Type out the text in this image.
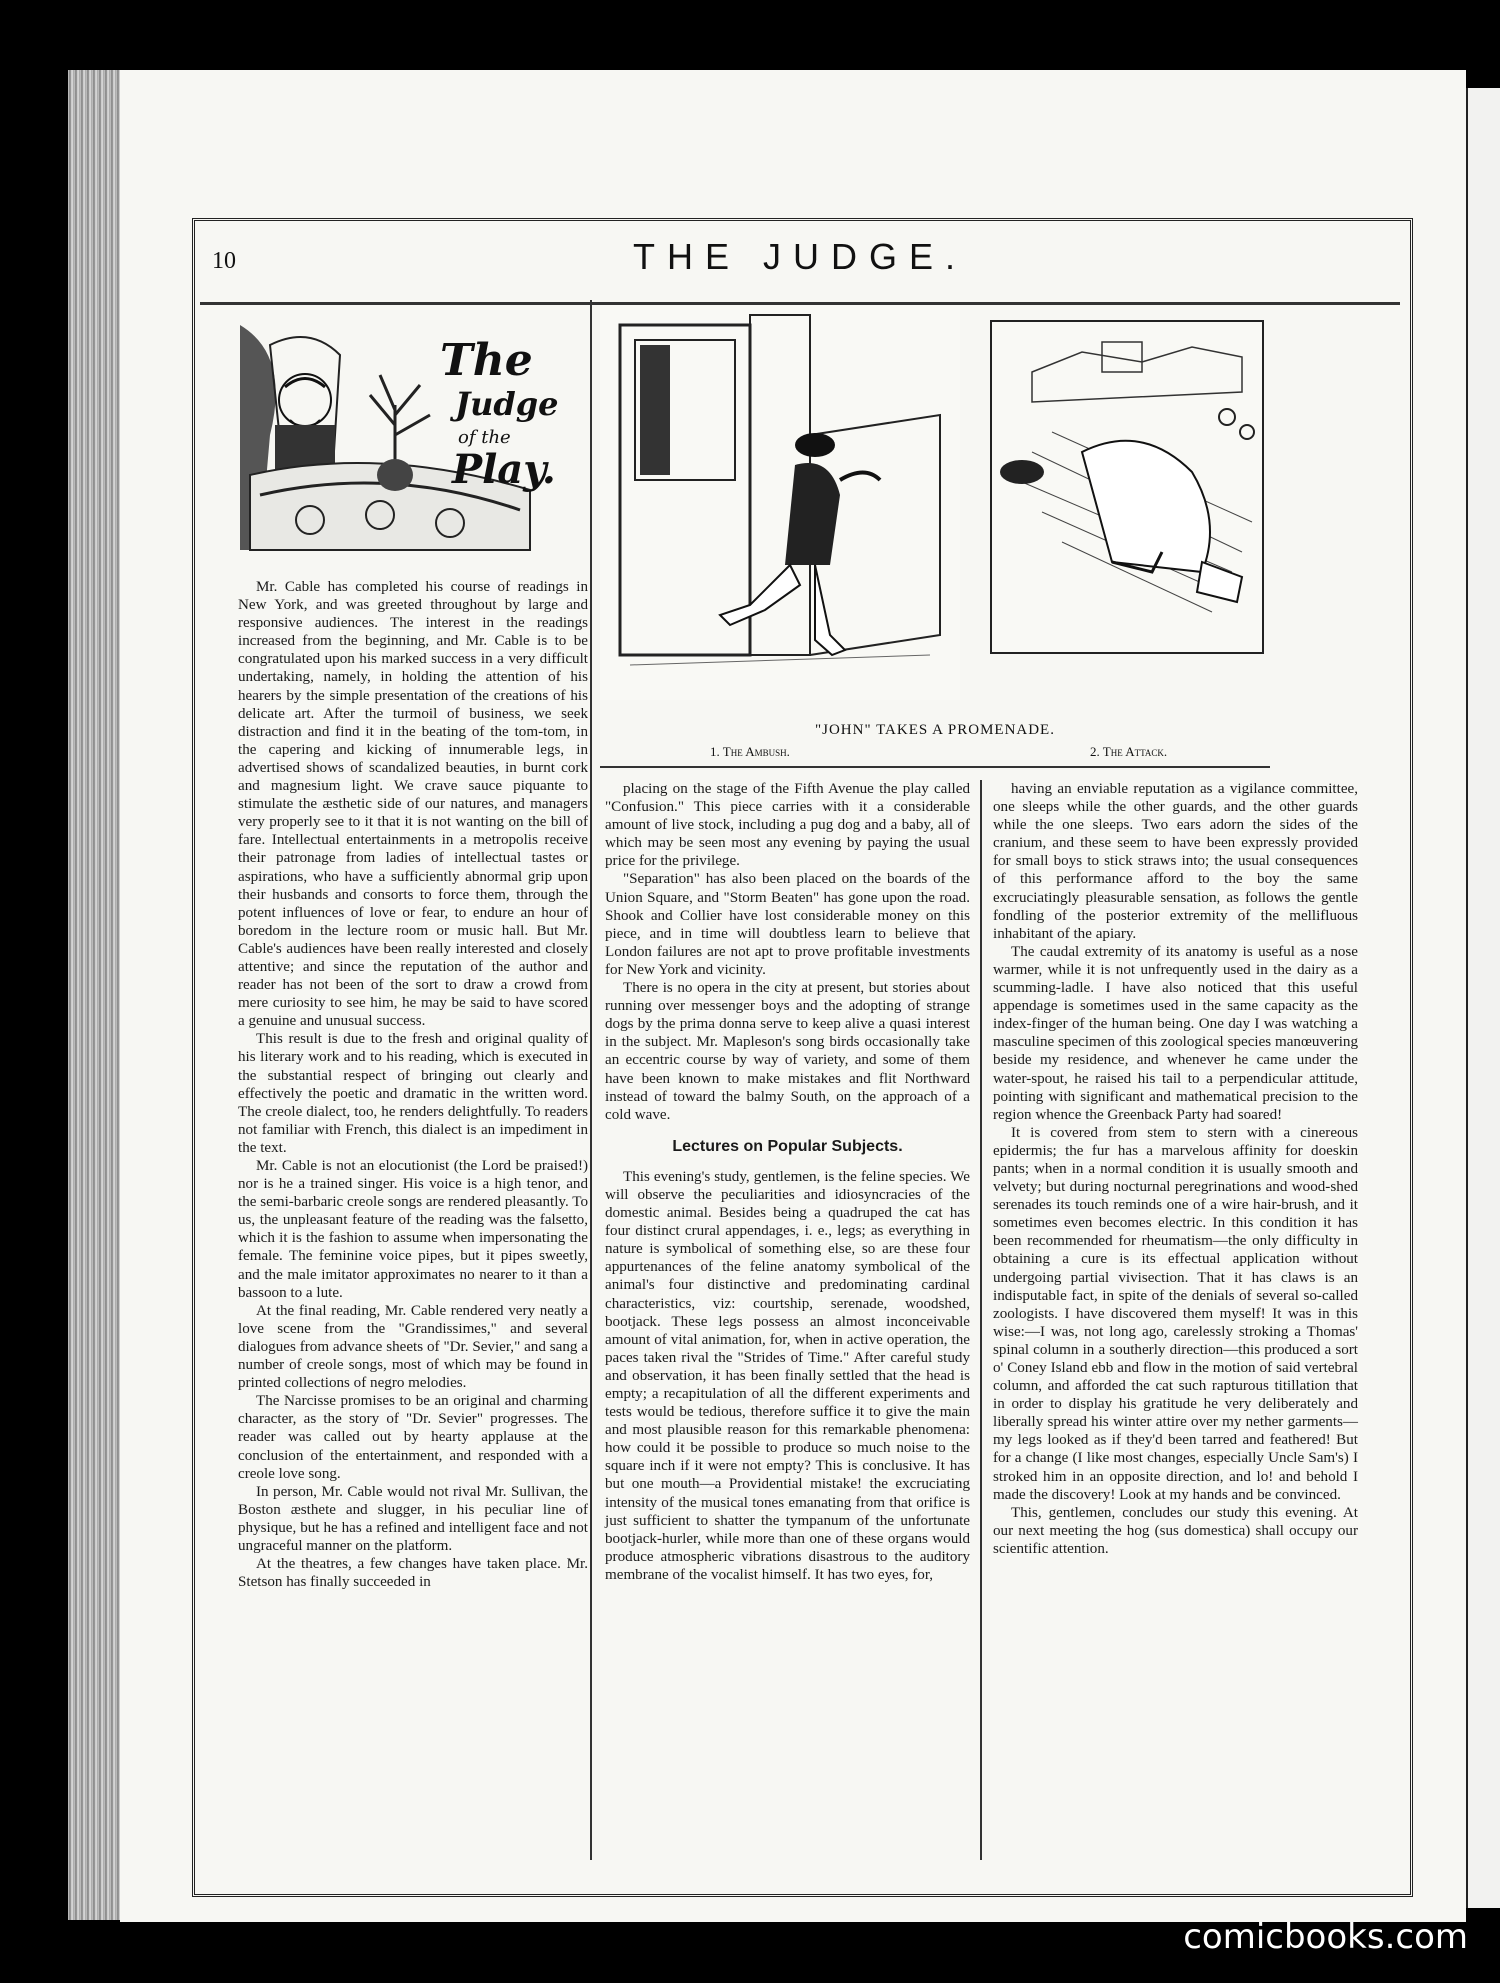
10	THE JUDGE.
The
Judge
of the
Play.
"JOHN" TAKES A PROMENADE.
1. The Ambush.	2. The Attack.

Mr. Cable has completed his course of readings in New York, and was greeted throughout by large and responsive audiences. The interest in the readings increased from the beginning, and Mr. Cable is to be congratulated upon his marked success in a very difficult undertaking, namely, in holding the attention of his hearers by the simple presentation of the creations of his delicate art. After the turmoil of business, we seek distraction and find it in the beating of the tom-tom, in the capering and kicking of innumerable legs, in advertised shows of scandalized beauties, in burnt cork and magnesium light. We crave sauce piquante to stimulate the æsthetic side of our natures, and managers very properly see to it that it is not wanting on the bill of fare. Intellectual entertainments in a metropolis receive their patronage from ladies of intellectual tastes or aspirations, who have a sufficiently abnormal grip upon their husbands and consorts to force them, through the potent influences of love or fear, to endure an hour of boredom in the lecture room or music hall. But Mr. Cable's audiences have been really interested and closely attentive; and since the reputation of the author and reader has not been of the sort to draw a crowd from mere curiosity to see him, he may be said to have scored a genuine and unusual success.

This result is due to the fresh and original quality of his literary work and to his reading, which is executed in the substantial respect of bringing out clearly and effectively the poetic and dramatic in the written word. The creole dialect, too, he renders delightfully. To readers not familiar with French, this dialect is an impediment in the text.

Mr. Cable is not an elocutionist (the Lord be praised!) nor is he a trained singer. His voice is a high tenor, and the semi-barbaric creole songs are rendered pleasantly. To us, the unpleasant feature of the reading was the falsetto, which it is the fashion to assume when impersonating the female. The feminine voice pipes, but it pipes sweetly, and the male imitator approximates no nearer to it than a bassoon to a lute.

At the final reading, Mr. Cable rendered very neatly a love scene from the "Grandissimes," and several dialogues from advance sheets of "Dr. Sevier," and sang a number of creole songs, most of which may be found in printed collections of negro melodies.

The Narcisse promises to be an original and charming character, as the story of "Dr. Sevier" progresses. The reader was called out by hearty applause at the conclusion of the entertainment, and responded with a creole love song.

In person, Mr. Cable would not rival Mr. Sullivan, the Boston æsthete and slugger, in his peculiar line of physique, but he has a refined and intelligent face and not ungraceful manner on the platform.

At the theatres, a few changes have taken place. Mr. Stetson has finally succeeded in

placing on the stage of the Fifth Avenue the play called "Confusion." This piece carries with it a considerable amount of live stock, including a pug dog and a baby, all of which may be seen most any evening by paying the usual price for the privilege.

"Separation" has also been placed on the boards of the Union Square, and "Storm Beaten" has gone upon the road. Shook and Collier have lost considerable money on this piece, and in time will doubtless learn to believe that London failures are not apt to prove profitable investments for New York and vicinity.

There is no opera in the city at present, but stories about running over messenger boys and the adopting of strange dogs by the prima donna serve to keep alive a quasi interest in the subject. Mr. Mapleson's song birds occasionally take an eccentric course by way of variety, and some of them have been known to make mistakes and flit Northward instead of toward the balmy South, on the approach of a cold wave.

Lectures on Popular Subjects.

This evening's study, gentlemen, is the feline species. We will observe the peculiarities and idiosyncracies of the domestic animal. Besides being a quadruped the cat has four distinct crural appendages, i. e., legs; as everything in nature is symbolical of something else, so are these four appurtenances of the feline anatomy symbolical of the animal's four distinctive and predominating cardinal characteristics, viz: courtship, serenade, woodshed, bootjack. These legs possess an almost inconceivable amount of vital animation, for, when in active operation, the paces taken rival the "Strides of Time." After careful study and observation, it has been finally settled that the head is empty; a recapitulation of all the different experiments and tests would be tedious, therefore suffice it to give the main and most plausible reason for this remarkable phenomena: how could it be possible to produce so much noise to the square inch if it were not empty? This is conclusive. It has but one mouth—a Providential mistake! the excruciating intensity of the musical tones emanating from that orifice is just sufficient to shatter the tympanum of the unfortunate bootjack-hurler, while more than one of these organs would produce atmospheric vibrations disastrous to the auditory membrane of the vocalist himself. It has two eyes, for,

having an enviable reputation as a vigilance committee, one sleeps while the other guards, and the other guards while the one sleeps. Two ears adorn the sides of the cranium, and these seem to have been expressly provided for small boys to stick straws into; the usual consequences of this performance afford to the boy the same excruciatingly pleasurable sensation, as follows the gentle fondling of the posterior extremity of the mellifluous inhabitant of the apiary.

The caudal extremity of its anatomy is useful as a nose warmer, while it is not unfrequently used in the dairy as a scumming-ladle. I have also noticed that this useful appendage is sometimes used in the same capacity as the index-finger of the human being. One day I was watching a masculine specimen of this zoological species manœuvering beside my residence, and whenever he came under the water-spout, he raised his tail to a perpendicular attitude, pointing with significant and mathematical precision to the region whence the Greenback Party had soared!

It is covered from stem to stern with a cinereous epidermis; the fur has a marvelous affinity for doeskin pants; when in a normal condition it is usually smooth and velvety; but during nocturnal peregrinations and wood-shed serenades its touch reminds one of a wire hair-brush, and it sometimes even becomes electric. In this condition it has been recommended for rheumatism—the only difficulty in obtaining a cure is its effectual application without undergoing partial vivisection. That it has claws is an indisputable fact, in spite of the denials of several so-called zoologists. I have discovered them myself! It was in this wise:—I was, not long ago, carelessly stroking a Thomas' spinal column in a southerly direction—this produced a sort o' Coney Island ebb and flow in the motion of said vertebral column, and afforded the cat such rapturous titillation that in order to display his gratitude he very deliberately and liberally spread his winter attire over my nether garments—my legs looked as if they'd been tarred and feathered! But for a change (I like most changes, especially Uncle Sam's) I stroked him in an opposite direction, and lo! and behold I made the discovery! Look at my hands and be convinced.

This, gentlemen, concludes our study this evening. At our next meeting the hog (sus domestica) shall occupy our scientific attention.

comicbooks.com
